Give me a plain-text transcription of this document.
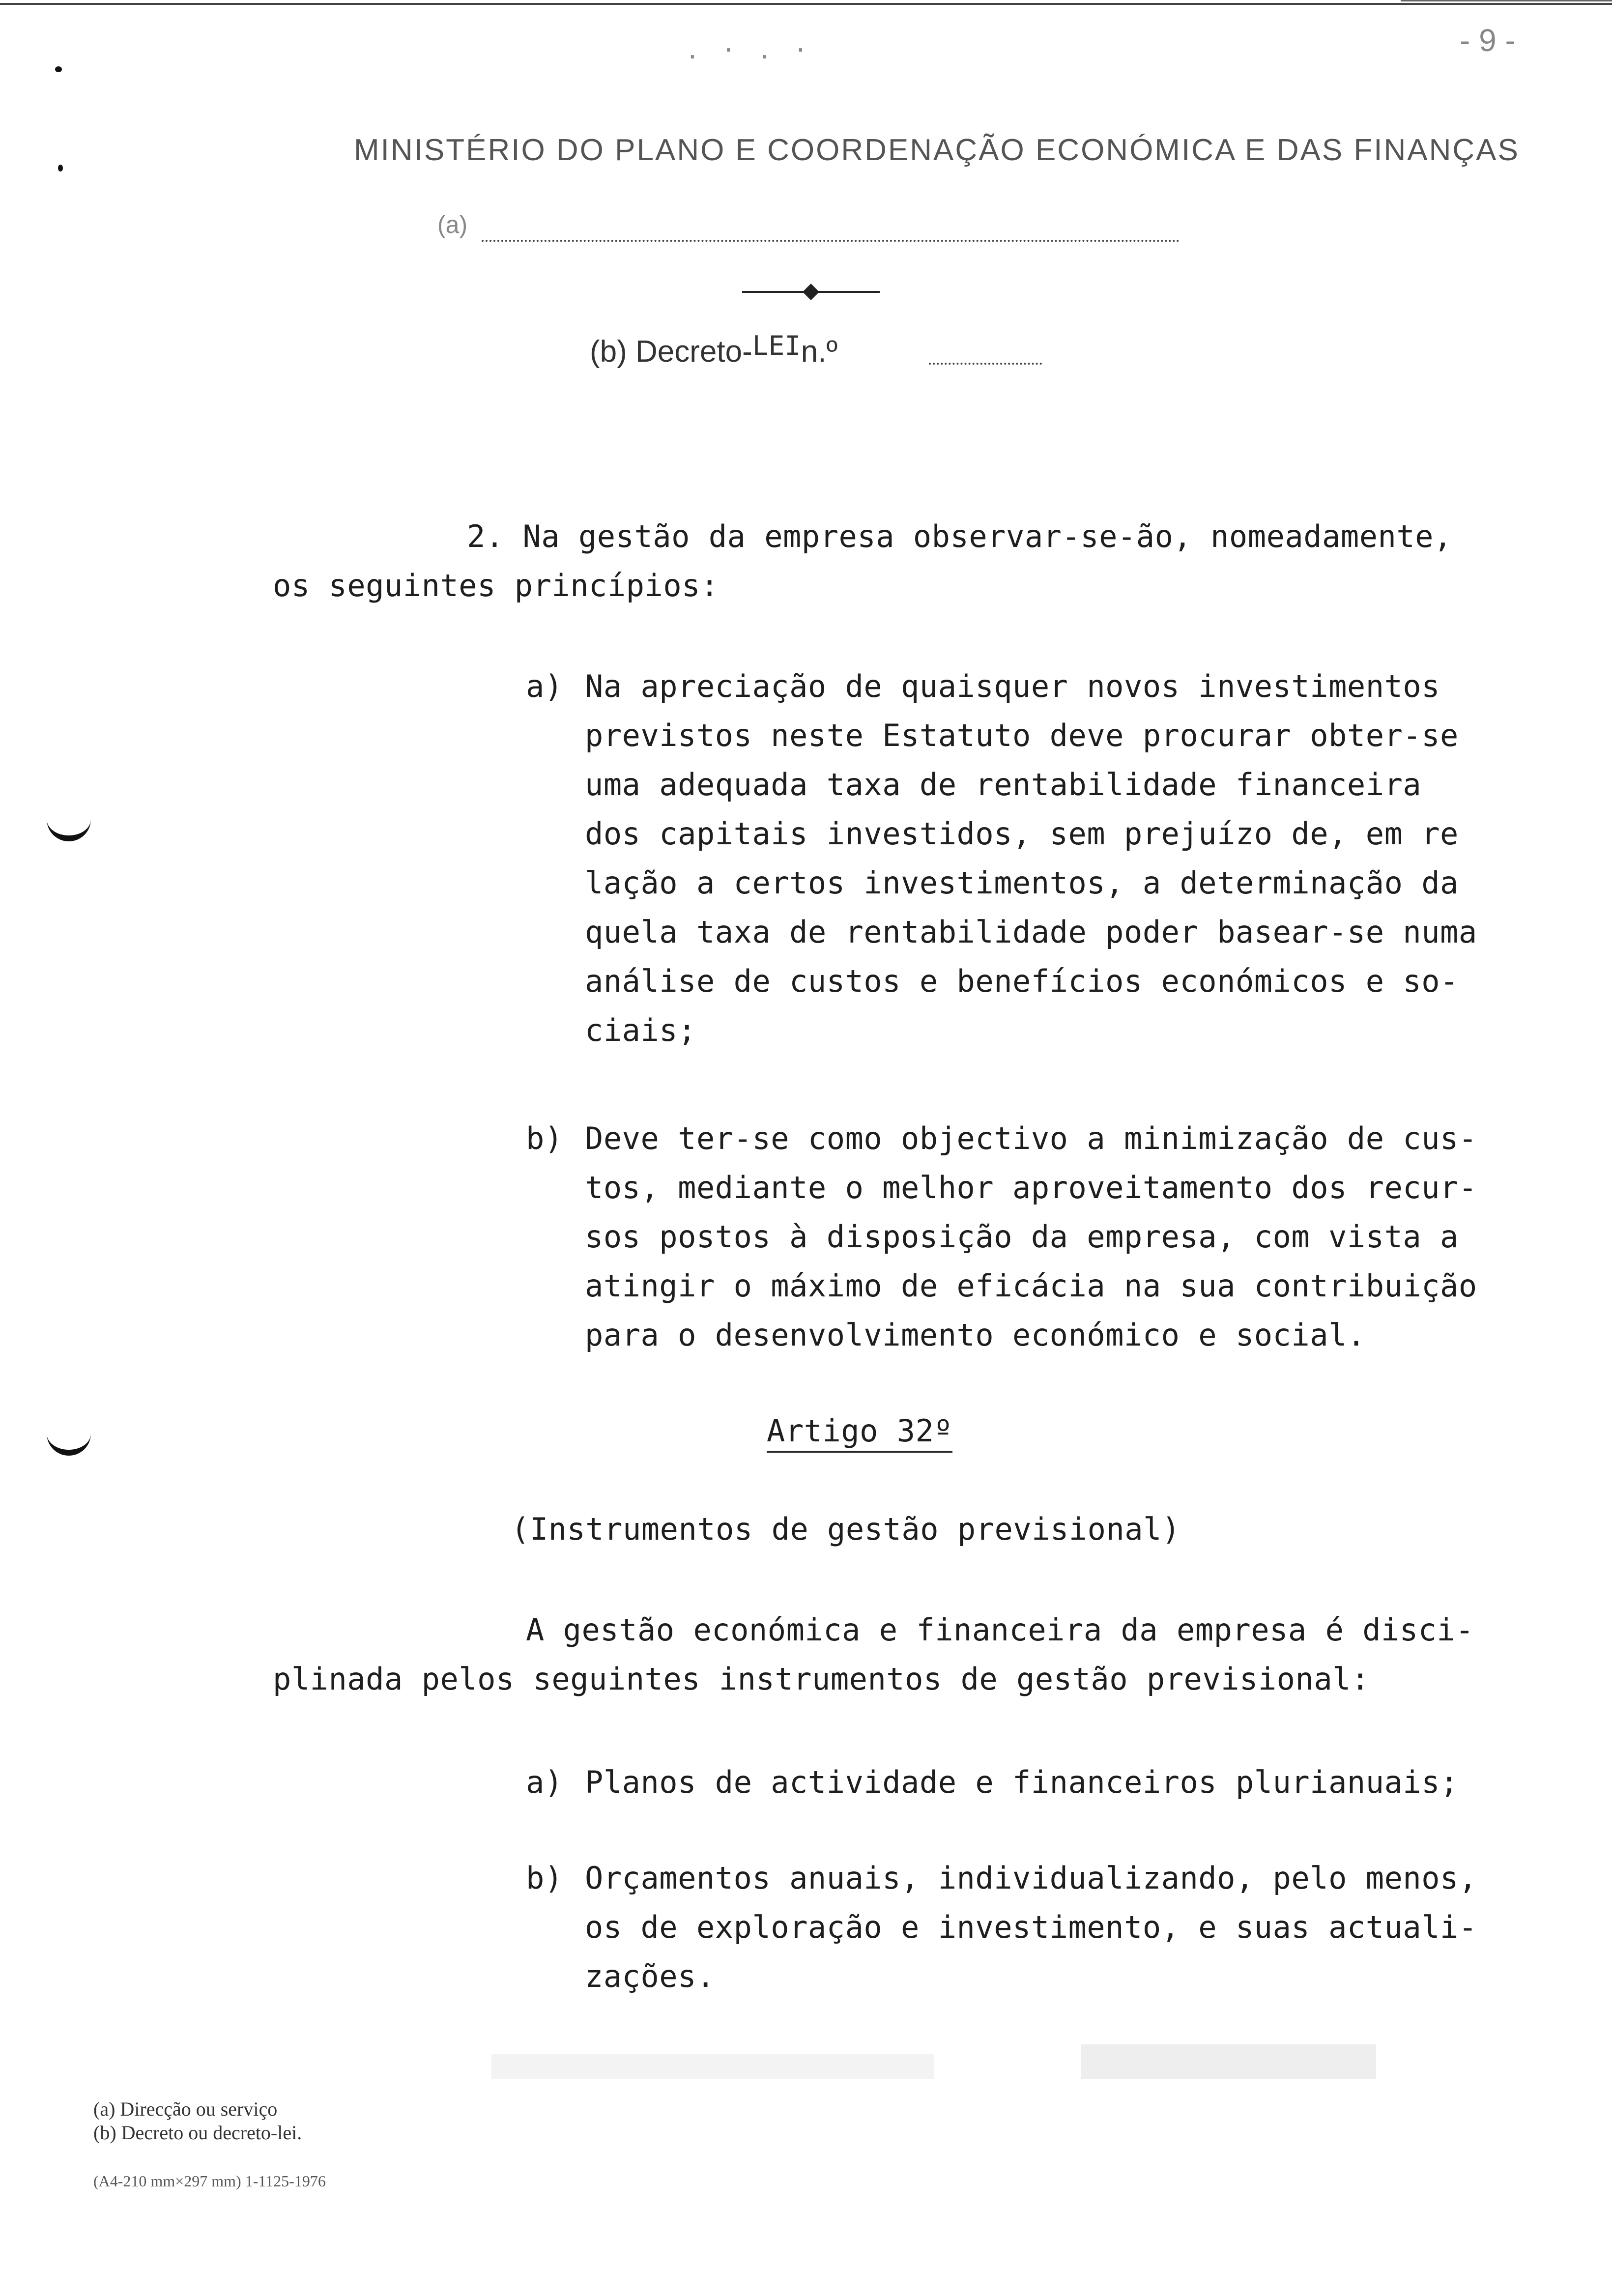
. · . ·	- 9 -
MINISTÉRIO DO PLANO E COORDENAÇÃO ECONÓMICA E DAS FINANÇAS
(a)
(b) Decreto-LEIn.º
2. Na gestão da empresa observar-se-ão, nomeadamente,
os seguintes princípios:
a) Na apreciação de quaisquer novos investimentos
previstos neste Estatuto deve procurar obter-se
uma adequada taxa de rentabilidade financeira
dos capitais investidos, sem prejuízo de, em re
lação a certos investimentos, a determinação da
quela taxa de rentabilidade poder basear-se numa
análise de custos e benefícios económicos e so-
ciais;
b) Deve ter-se como objectivo a minimização de cus-
tos, mediante o melhor aproveitamento dos recur-
sos postos à disposição da empresa, com vista a
atingir o máximo de eficácia na sua contribuição
para o desenvolvimento económico e social.
Artigo 32º
(Instrumentos de gestão previsional)
A gestão económica e financeira da empresa é disci-
plinada pelos seguintes instrumentos de gestão previsional:
a) Planos de actividade e financeiros plurianuais;
b) Orçamentos anuais, individualizando, pelo menos,
os de exploração e investimento, e suas actuali-
zações.
(a) Direcção ou serviço
(b) Decreto ou decreto-lei.
(A4-210 mm×297 mm) 1-1125-1976
